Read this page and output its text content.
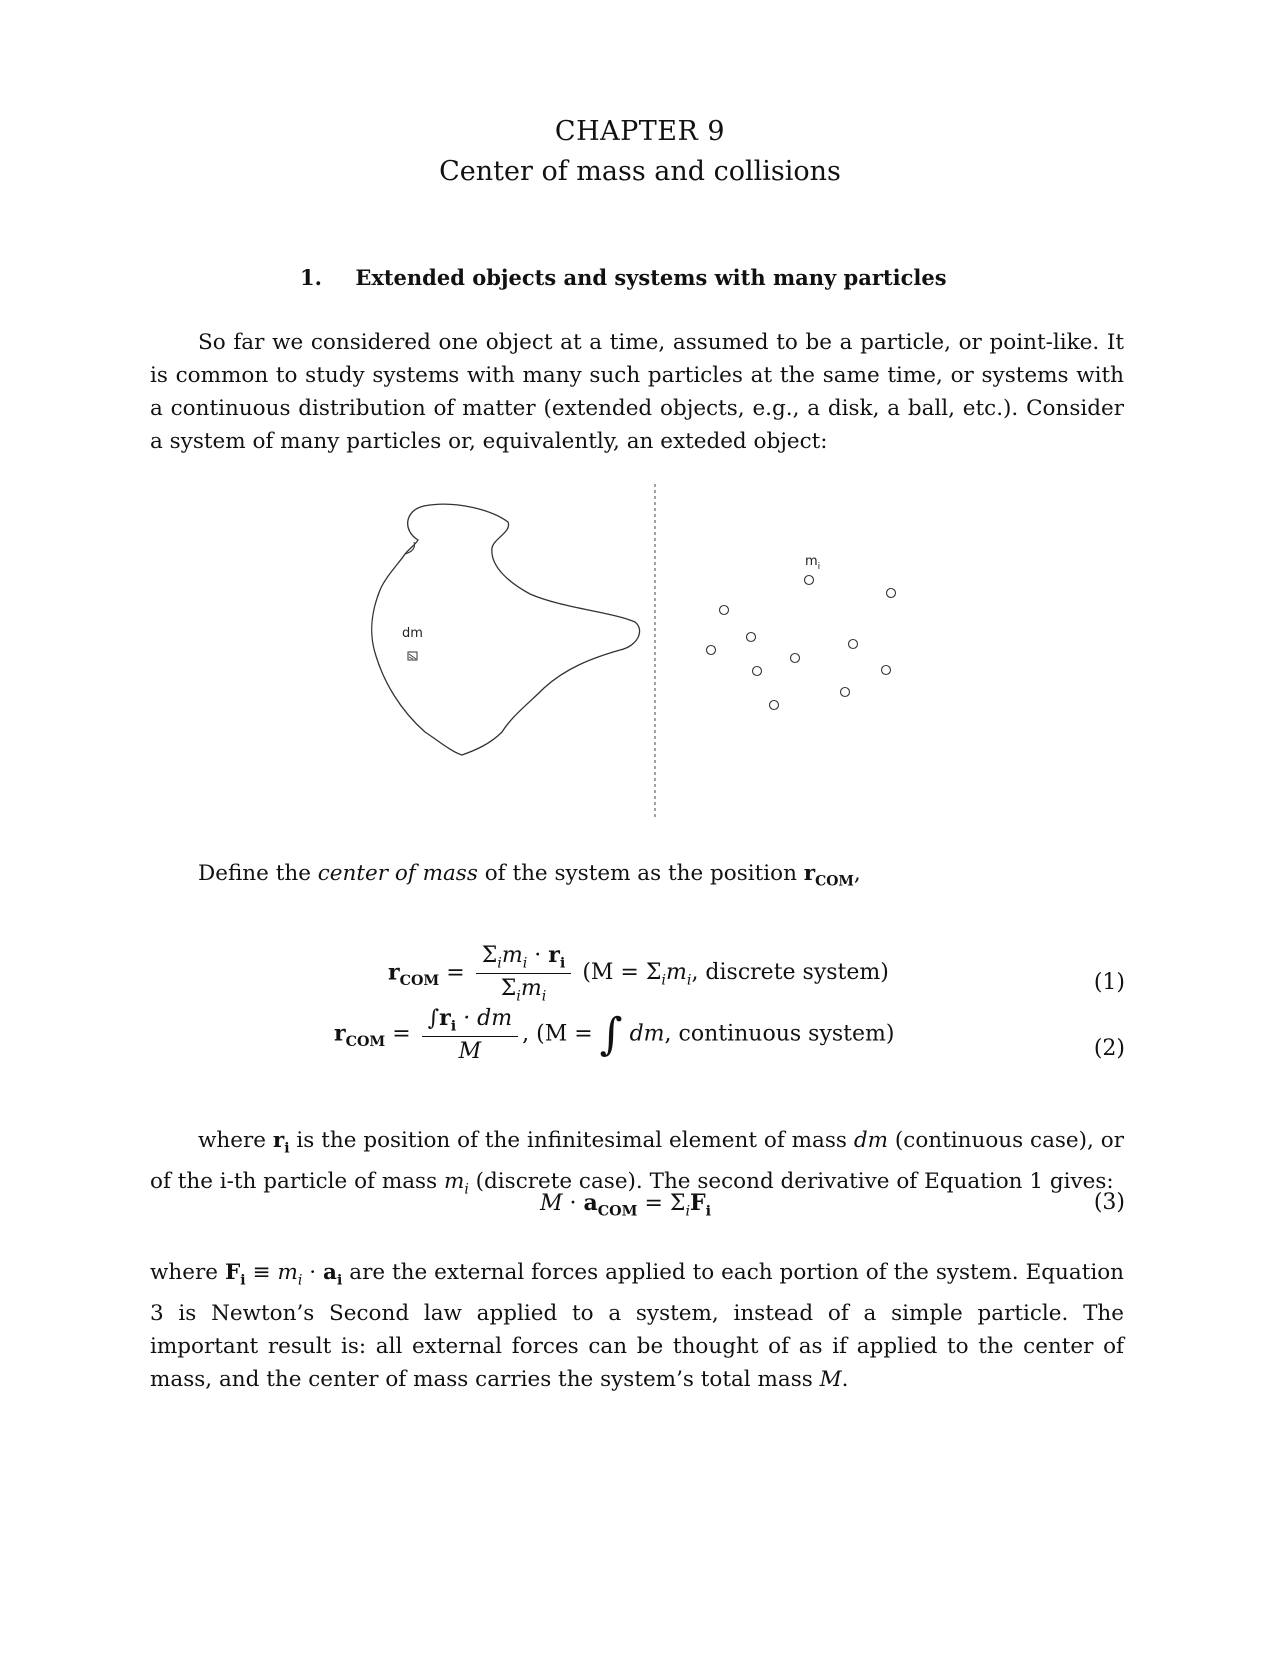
CHAPTER 9
Center of mass and collisions
1. Extended objects and systems with many particles
So far we considered one object at a time, assumed to be a particle, or point-like. It is common to study systems with many such particles at the same time, or systems with a continuous distribution of matter (extended objects, e.g., a disk, a ball, etc.). Consider a system of many particles or, equivalently, an exteded object:
dm
$m_i$
Define the center of mass of the system as the position $r_{COM}$,
$r_{COM} = \frac{\Sigma_im_i \cdot r_i}{\Sigma_im_i} (M = \Sigma_im_i$, discrete system)	(1)
$r_{COM} = \frac{\int r_i \cdot dm}{M}$ , (M = ∫ dm, continuous system)
(2)
where $r_i$ is the position of the infinitesimal element of mass dm (continuous case), or of the i-th particle of mass $m_i$ (discrete case). The second derivative of Equation 1 gives:
$M \cdot a_{COM} = \Sigma_iF_i$	(3)
where $F_i \equiv m_i \cdot a_i$ are the external forces applied to each portion of the system. Equation 3 is Newton’s Second law applied to a system, instead of a simple particle. The important result is: all external forces can be thought of as if applied to the center of mass, and the center of mass carries the system’s total mass M.
